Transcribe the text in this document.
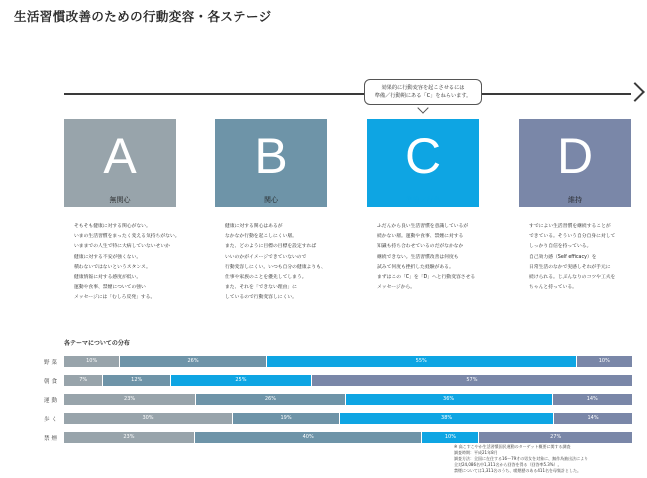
生活習慣改善のための行動変容・各ステージ
効果的に行動変容を起こさせるには
準備／行動期にある「C」をねらいます。
A
無関心
そもそも健康に対する関心がない。
いまの生活習慣をまったく変える気持ちがない。
いままでの人生で特に大病していないせいか
健康に対する不安が強くない。
積わないではないというスタンス。
健康情報に対する感度が低い。
運動や食事、禁煙についての強い
メッセージには「むしろ反発」する。
B
関心
健康に対する関心はあるが
なかなか行動を起こしにくい層。
また、どのように目標の目標を設定すれば
いいのかがイメージできていないので
行動変容しにくい。いつも自分の健康よりも、
仕事や家族のことを優先してしまう。
また、それを「できない理由」に
しているので行動変容しにくい。
C
準備／行動
ふだんから良い生活習慣を意識しているが
続かない層。運動や食事、禁煙に対する
知識も持ち合わせているのだがなかなか
継続できない。生活習慣改善は何度も
試みて何度も挫折した経験がある。
まずはこの「C」を「D」へと行動変容させる
メッセージから。
D
維持
すでによい生活習慣を継続することが
できている。そういう自分自身に対して
しっかり自信を持っている。
自己効力感（Self efficacy）を
日常生活のなかで実感しそれが手元に
続けられる。じぶんなりのコツや工夫を
ちゃんと持っている。
各テーマについての分布
野菜	10%	26%	55%	10%
朝食	7%	12%	25%	57%
運動	23%	26%	36%	14%
歩く	30%	19%	38%	14%
禁煙	23%	40%	10%	27%
※ 高こすこやか生活習慣国民運動のターゲット概要に関する調査
調査時期：平成21年8月
調査方法：全国に在住する16〜79才の男女を対象に、無作為抽出法により
全対24,086名中1,311名から回答を得る（回答率5.3%）。
禁煙については1,311名のうち、喫煙歴のある411名を母集計とした。
